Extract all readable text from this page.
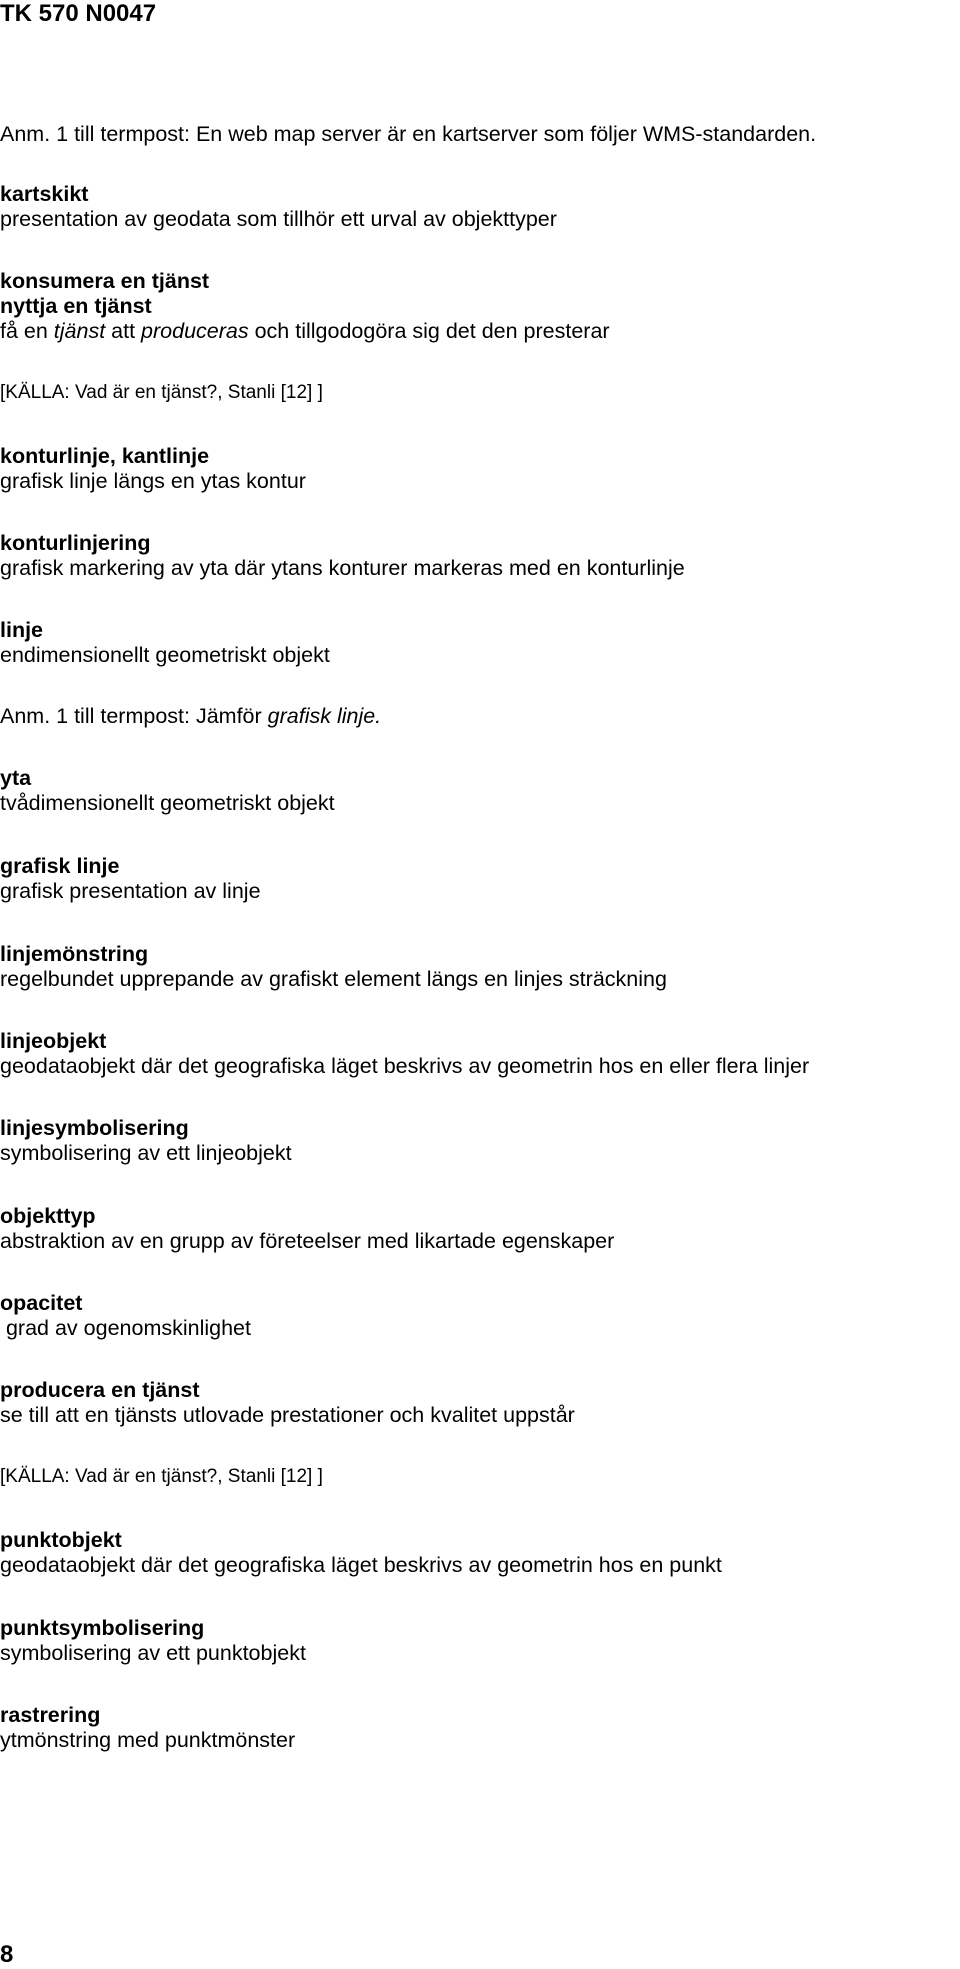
TK 570 N0047
Anm. 1 till termpost: En web map server är en kartserver som följer WMS-standarden.
kartskikt
presentation av geodata som tillhör ett urval av objekttyper
konsumera en tjänst
nyttja en tjänst
få en tjänst att produceras och tillgodogöra sig det den presterar
[KÄLLA: Vad är en tjänst?, Stanli [12] ]
konturlinje, kantlinje
grafisk linje längs en ytas kontur
konturlinjering
grafisk markering av yta där ytans konturer markeras med en konturlinje
linje
endimensionellt geometriskt objekt
Anm. 1 till termpost: Jämför grafisk linje.
yta
tvådimensionellt geometriskt objekt
grafisk linje
grafisk presentation av linje
linjemönstring
regelbundet upprepande av grafiskt element längs en linjes sträckning
linjeobjekt
geodataobjekt där det geografiska läget beskrivs av geometrin hos en eller flera linjer
linjesymbolisering
symbolisering av ett linjeobjekt
objekttyp
abstraktion av en grupp av företeelser med likartade egenskaper
opacitet
grad av ogenomskinlighet
producera en tjänst
se till att en tjänsts utlovade prestationer och kvalitet uppstår
[KÄLLA: Vad är en tjänst?, Stanli [12] ]
punktobjekt
geodataobjekt där det geografiska läget beskrivs av geometrin hos en punkt
punktsymbolisering
symbolisering av ett punktobjekt
rastrering
ytmönstring med punktmönster
8
